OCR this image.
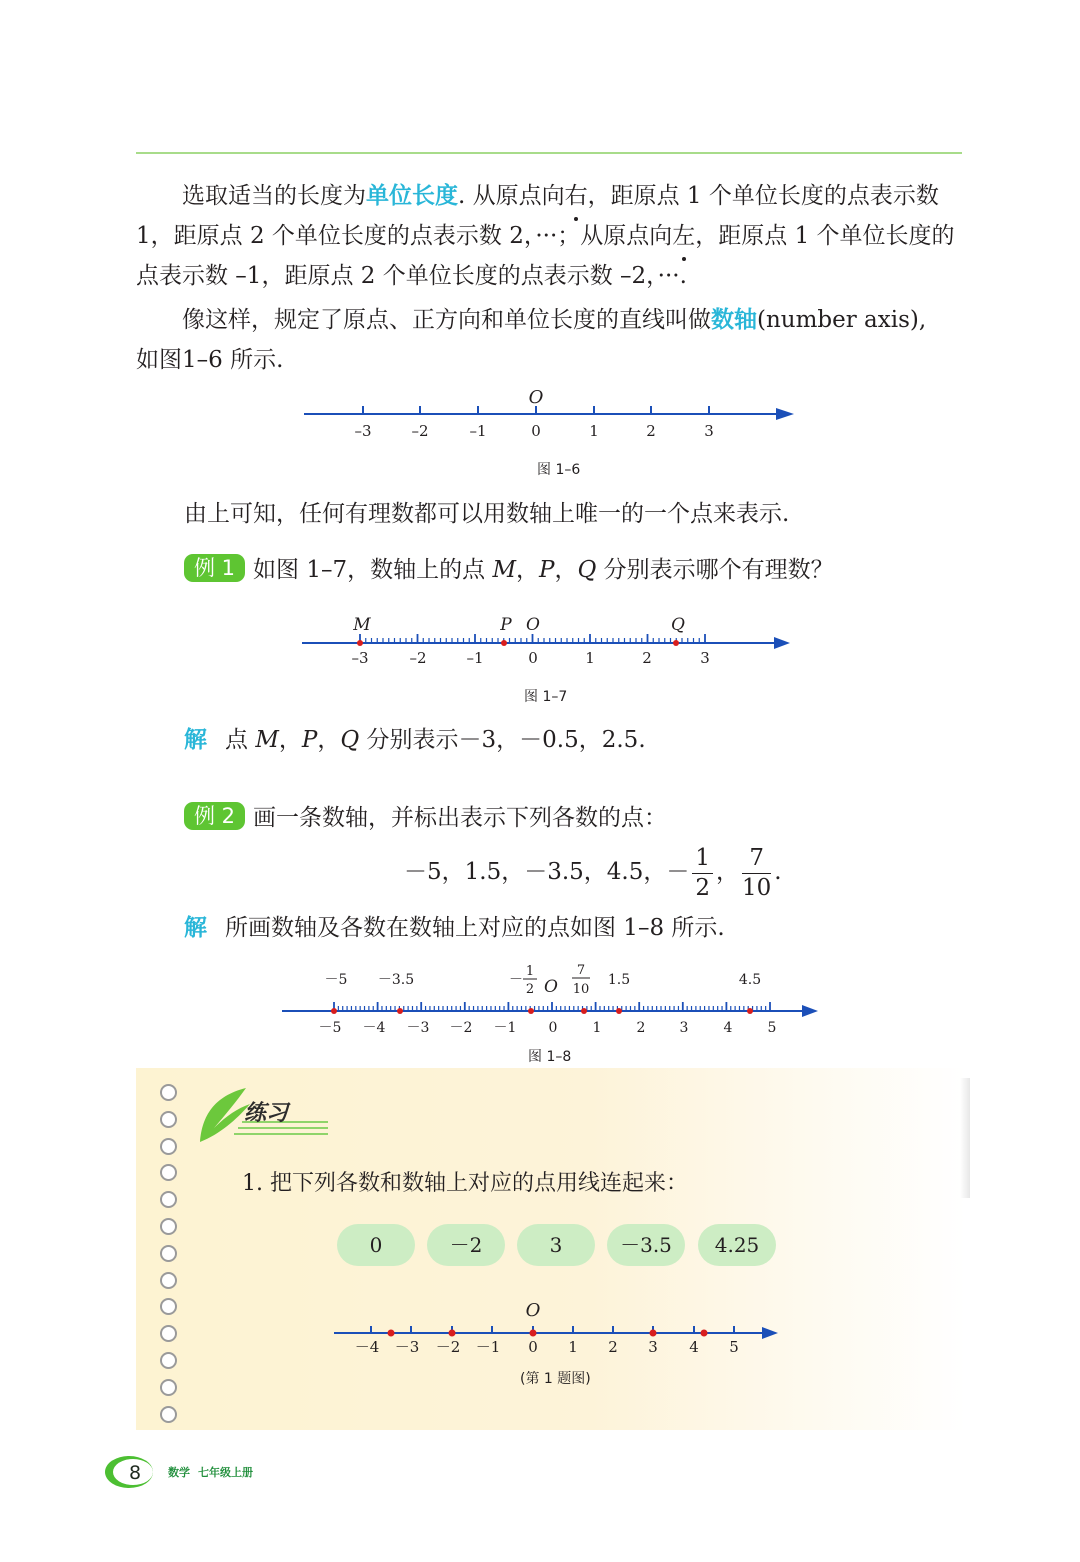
选取适当的长度为单位长度. 从原点向右，距原点 1 个单位长度的点表示数 1，距原点 2 个单位长度的点表示数 2，···；从原点向左，距原点 1 个单位长度的点表示数 –1，距原点 2 个单位长度的点表示数 –2，···.

像这样，规定了原点、正方向和单位长度的直线叫做数轴(number axis),
如图1–6 所示.

O
–3	–2	–1	0	1	2	3
图 1–6

由上可知，任何有理数都可以用数轴上唯一的一个点来表示.

例 1 如图 1–7，数轴上的点 M，P，Q 分别表示哪个有理数？

M	P O	Q
–3	–2	–1	0	1	2	3
图 1–7

解 点 M，P，Q 分别表示－3，－0.5，2.5.

例 2 画一条数轴，并标出表示下列各数的点：

－5，1.5，－3.5，4.5，－ $\frac{1}{2}$ ， $\frac{7}{10}$ .

解 所画数轴及各数在数轴上对应的点如图 1–8 所示.

－5 －3.5	－
1
2 O
7
10
1.5	4.5
－5 －4 －3 －2 －1 0	1	2 3	4	5
图 1–8
练习
1. 把下列各数和数轴上对应的点用线连起来：
0	－2	3	－3.5	4.25
O
－4 －3 －2 －1 0 1 2 3 4 5
(第 1 题图)
8 数学 七年级上册
